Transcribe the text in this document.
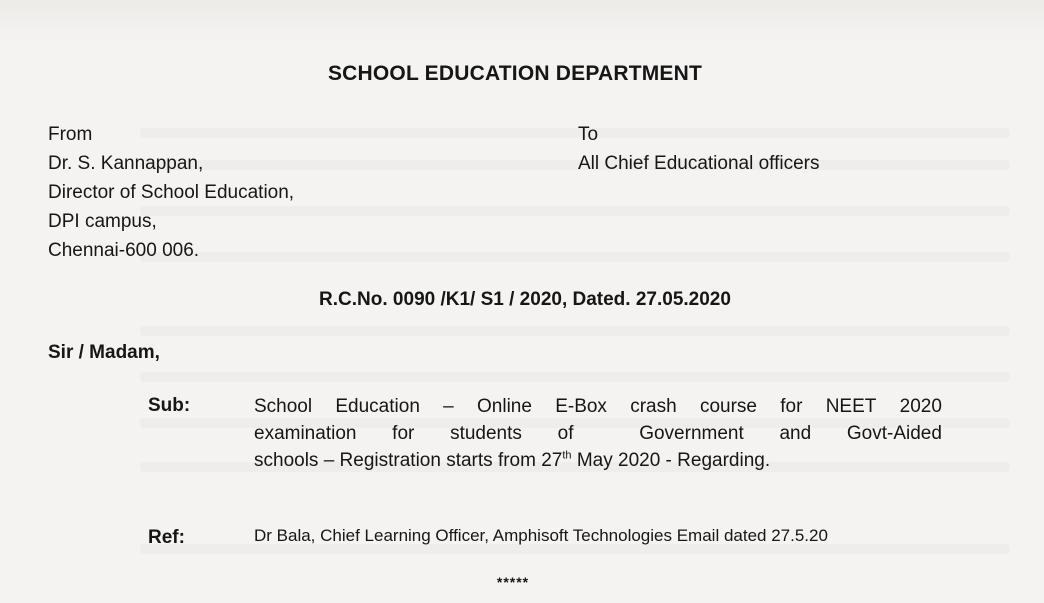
SCHOOL EDUCATION DEPARTMENT
From
Dr. S. Kannappan,
Director of School Education,
DPI campus,
Chennai-600 006.
To
All Chief Educational officers
R.C.No. 0090 /K1/ S1 / 2020, Dated. 27.05.2020
Sir / Madam,
Sub:	School Education – Online E-Box crash course for NEET 2020
examination for students of	Government and Govt-Aided
schools – Registration starts from 27th May 2020 - Regarding.
Ref:	Dr Bala, Chief Learning Officer, Amphisoft Technologies Email dated 27.5.20
*****
